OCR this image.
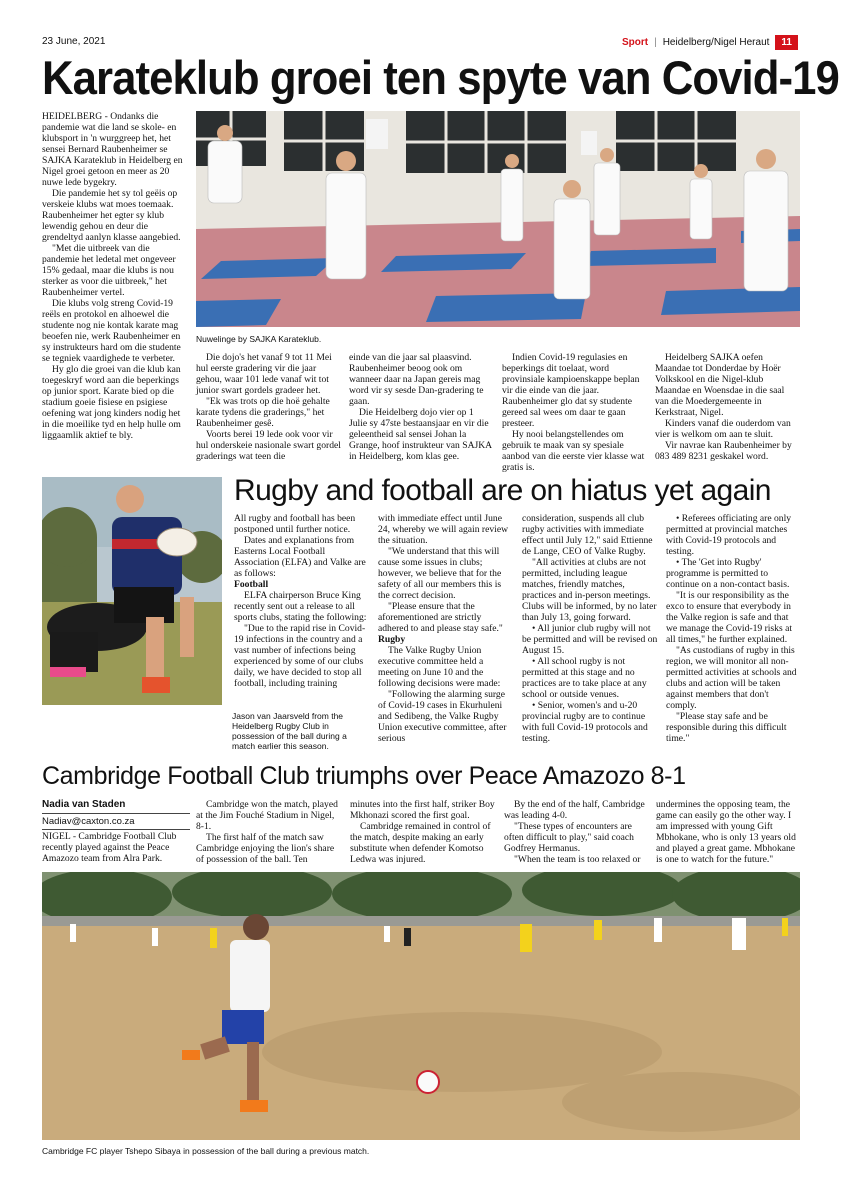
23 June, 2021	Sport | Heidelberg/Nigel Heraut	11
Karateklub groei ten spyte van Covid-19

HEIDELBERG - Ondanks die pandemie wat die land se skole- en klubsport in 'n wurggreep het, het sensei Bernard Raubenheimer se SAJKA Karateklub in Heidelberg en Nigel groei getoon en meer as 20 nuwe lede bygekry.

Die pandemie het sy tol geëis op verskeie klubs wat moes toemaak. Raubenheimer het egter sy klub lewendig gehou en deur die grendeltyd aanlyn klasse aangebied.

"Met die uitbreek van die pandemie het ledetal met ongeveer 15% gedaal, maar die klubs is nou sterker as voor die uitbreek," het Raubenheimer vertel.

Die klubs volg streng Covid-19 reëls en protokol en alhoewel die studente nog nie kontak karate mag beoefen nie, werk Raubenheimer en sy instrukteurs hard om die studente se tegniek vaardighede te verbeter.

Hy glo die groei van die klub kan toegeskryf word aan die beperkings op junior sport. Karate bied op die stadium goeie fisiese en psigiese oefening wat jong kinders nodig het in die moeilike tyd en help hulle om liggaamlik aktief te bly.

Nuwelinge by SAJKA Karateklub.

Die dojo's het vanaf 9 tot 11 Mei hul eerste gradering vir die jaar gehou, waar 101 lede vanaf wit tot junior swart gordels gradeer het.

"Ek was trots op die hoë gehalte karate tydens die graderings," het Raubenheimer gesê.

Voorts berei 19 lede ook voor vir hul onderskeie nasionale swart gordel graderings wat teen die

einde van die jaar sal plaasvind. Raubenheimer beoog ook om wanneer daar na Japan gereis mag word vir sy sesde Dan-gradering te gaan.

Die Heidelberg dojo vier op 1 Julie sy 47ste bestaansjaar en vir die geleentheid sal sensei Johan la Grange, hoof instrukteur van SAJKA in Heidelberg, kom klas gee.

Indien Covid-19 regulasies en beperkings dit toelaat, word provinsiale kampioenskappe beplan vir die einde van die jaar. Raubenheimer glo dat sy studente gereed sal wees om daar te gaan presteer.

Hy nooi belangstellendes om gebruik te maak van sy spesiale aanbod van die eerste vier klasse wat gratis is.

Heidelberg SAJKA oefen Maandae tot Donderdae by Hoër Volkskool en die Nigel-klub Maandae en Woensdae in die saal van die Moedergemeente in Kerkstraat, Nigel.

Kinders vanaf die ouderdom van vier is welkom om aan te sluit.

Vir navrae kan Raubenheimer by 083 489 8231 geskakel word.

Jason van Jaarsveld from the Heidelberg Rugby Club in possession of the ball during a match earlier this season.
Rugby and football are on hiatus yet again

All rugby and football has been postponed until further notice.

Dates and explanations from Easterns Local Football Association (ELFA) and Valke are as follows:

Football

ELFA chairperson Bruce King recently sent out a release to all sports clubs, stating the following:

"Due to the rapid rise in Covid-19 infections in the country and a vast number of infections being experienced by some of our clubs daily, we have decided to stop all football, including training

with immediate effect until June 24, whereby we will again review the situation.

"We understand that this will cause some issues in clubs; however, we believe that for the safety of all our members this is the correct decision.

"Please ensure that the aforementioned are strictly adhered to and please stay safe."

Rugby

The Valke Rugby Union executive committee held a meeting on June 10 and the following decisions were made:

"Following the alarming surge of Covid-19 cases in Ekurhuleni and Sedibeng, the Valke Rugby Union executive committee, after serious

consideration, suspends all club rugby activities with immediate effect until July 12," said Ettienne de Lange, CEO of Valke Rugby.

"All activities at clubs are not permitted, including league matches, friendly matches, practices and in-person meetings. Clubs will be informed, by no later than July 13, going forward.

• All junior club rugby will not be permitted and will be revised on August 15.

• All school rugby is not permitted at this stage and no practices are to take place at any school or outside venues.

• Senior, women's and u-20 provincial rugby are to continue with full Covid-19 protocols and testing.

• Referees officiating are only permitted at provincial matches with Covid-19 protocols and testing.

• The 'Get into Rugby' programme is permitted to continue on a non-contact basis.

"It is our responsibility as the exco to ensure that everybody in the Valke region is safe and that we manage the Covid-19 risks at all times," he further explained.

"As custodians of rugby in this region, we will monitor all non-permitted activities at schools and clubs and action will be taken against members that don't comply.

"Please stay safe and be responsible during this difficult time."

Cambridge Football Club triumphs over Peace Amazozo 8-1
Nadia van Staden
Nadiav@caxton.co.za

NIGEL - Cambridge Football Club recently played against the Peace Amazozo team from Alra Park.

Cambridge won the match, played at the Jim Fouché Stadium in Nigel, 8-1.

The first half of the match saw Cambridge enjoying the lion's share of possession of the ball. Ten

minutes into the first half, striker Boy Mkhonazi scored the first goal.

Cambridge remained in control of the match, despite making an early substitute when defender Komotso Ledwa was injured.

By the end of the half, Cambridge was leading 4-0.

"These types of encounters are often difficult to play," said coach Godfrey Hermanus.

"When the team is too relaxed or

undermines the opposing team, the game can easily go the other way. I am impressed with young Gift Mbhokane, who is only 13 years old and played a great game. Mbhokane is one to watch for the future."

Cambridge FC player Tshepo Sibaya in possession of the ball during a previous match.
